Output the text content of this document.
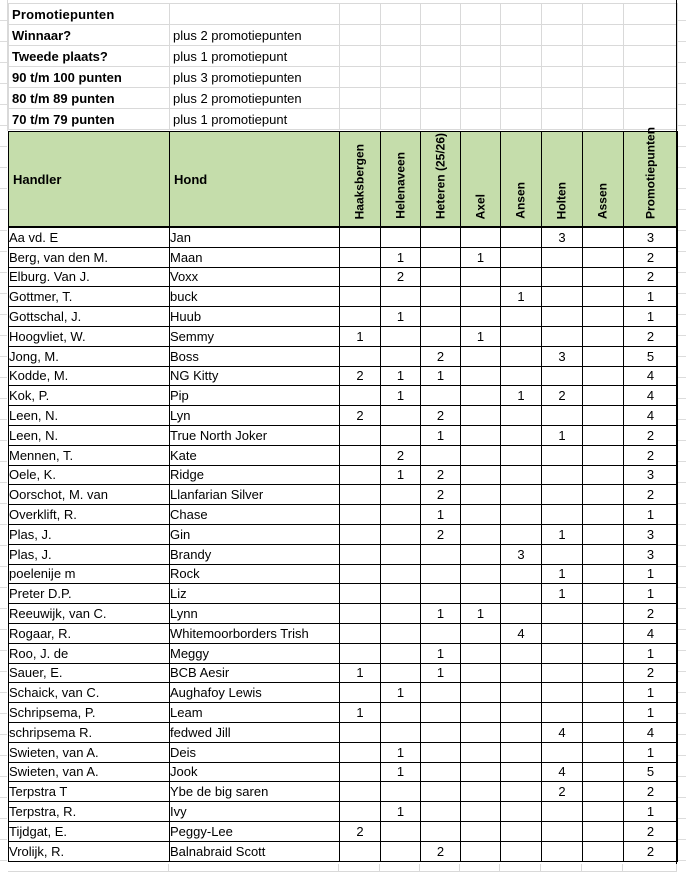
Promotiepunten									
Winnaar?	plus 2 promotiepunten								
Tweede plaats?	plus 1 promotiepunt								
90 t/m 100 punten	plus 3 promotiepunten								
80 t/m 89 punten	plus 2 promotiepunten								
70 t/m 79 punten	plus 1 promotiepunt								
Handler	Hond	Haaksbergen	Helenaveen	Heteren (25/26)	Axel	Ansen	Holten	Assen	Promotiepunten

Aa vd. E	Jan						3		3
Berg, van den M.	Maan		1		1				2
Elburg. Van J.	Voxx		2						2
Gottmer, T.	buck					1			1
Gottschal, J.	Huub		1						1
Hoogvliet, W.	Semmy	1			1				2
Jong, M.	Boss			2			3		5
Kodde, M.	NG Kitty	2	1	1					4
Kok, P.	Pip		1			1	2		4
Leen, N.	Lyn	2		2					4
Leen, N.	True North Joker			1			1		2
Mennen, T.	Kate		2						2
Oele, K.	Ridge		1	2					3
Oorschot, M. van	Llanfarian Silver			2					2
Overklift, R.	Chase			1					1
Plas, J.	Gin			2			1		3
Plas, J.	Brandy					3			3
poelenije m	Rock						1		1
Preter D.P.	Liz						1		1
Reeuwijk, van C.	Lynn			1	1				2
Rogaar, R.	Whitemoorborders Trish					4			4
Roo, J. de	Meggy			1					1
Sauer, E.	BCB Aesir	1		1					2
Schaick, van C.	Aughafoy Lewis		1						1
Schripsema, P.	Leam	1							1
schripsema R.	fedwed Jill						4		4
Swieten, van A.	Deis		1						1
Swieten, van A.	Jook		1				4		5
Terpstra T	Ybe de big saren						2		2
Terpstra, R.	Ivy		1						1
Tijdgat, E.	Peggy-Lee	2							2
Vrolijk, R.	Balnabraid Scott			2					2
